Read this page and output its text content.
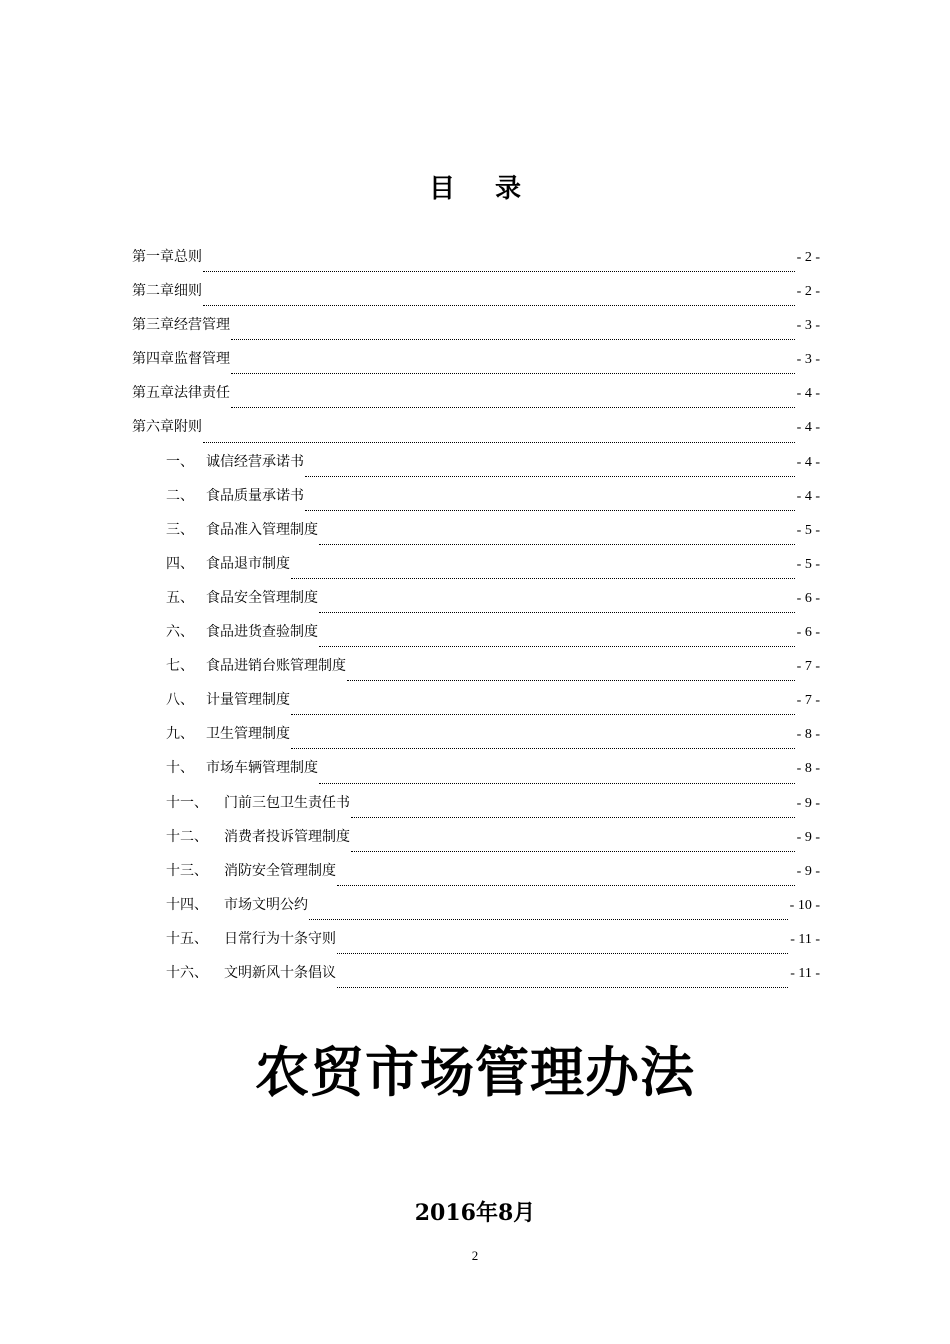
目录
第一章 总则	- 2 -
第二章 细则	- 2 -
第三章 经营管理	- 3 -
第四章 监督管理	- 3 -
第五章 法律责任	- 4 -
第六章 附则	- 4 -
一、 诚信经营承诺书	- 4 -
二、 食品质量承诺书	- 4 -
三、 食品准入管理制度	- 5 -
四、 食品退市制度	- 5 -
五、 食品安全管理制度	- 6 -
六、 食品进货查验制度	- 6 -
七、 食品进销台账管理制度	- 7 -
八、 计量管理制度	- 7 -
九、 卫生管理制度	- 8 -
十、 市场车辆管理制度	- 8 -
十一、	门前三包卫生责任书	- 9 -
十二、	消费者投诉管理制度	- 9 -
十三、	消防安全管理制度	- 9 -
十四、	市场文明公约	- 10 -
十五、	日常行为十条守则	- 11 -
十六、	文明新风十条倡议	- 11 -
农贸市场管理办法
2016年8月
2
